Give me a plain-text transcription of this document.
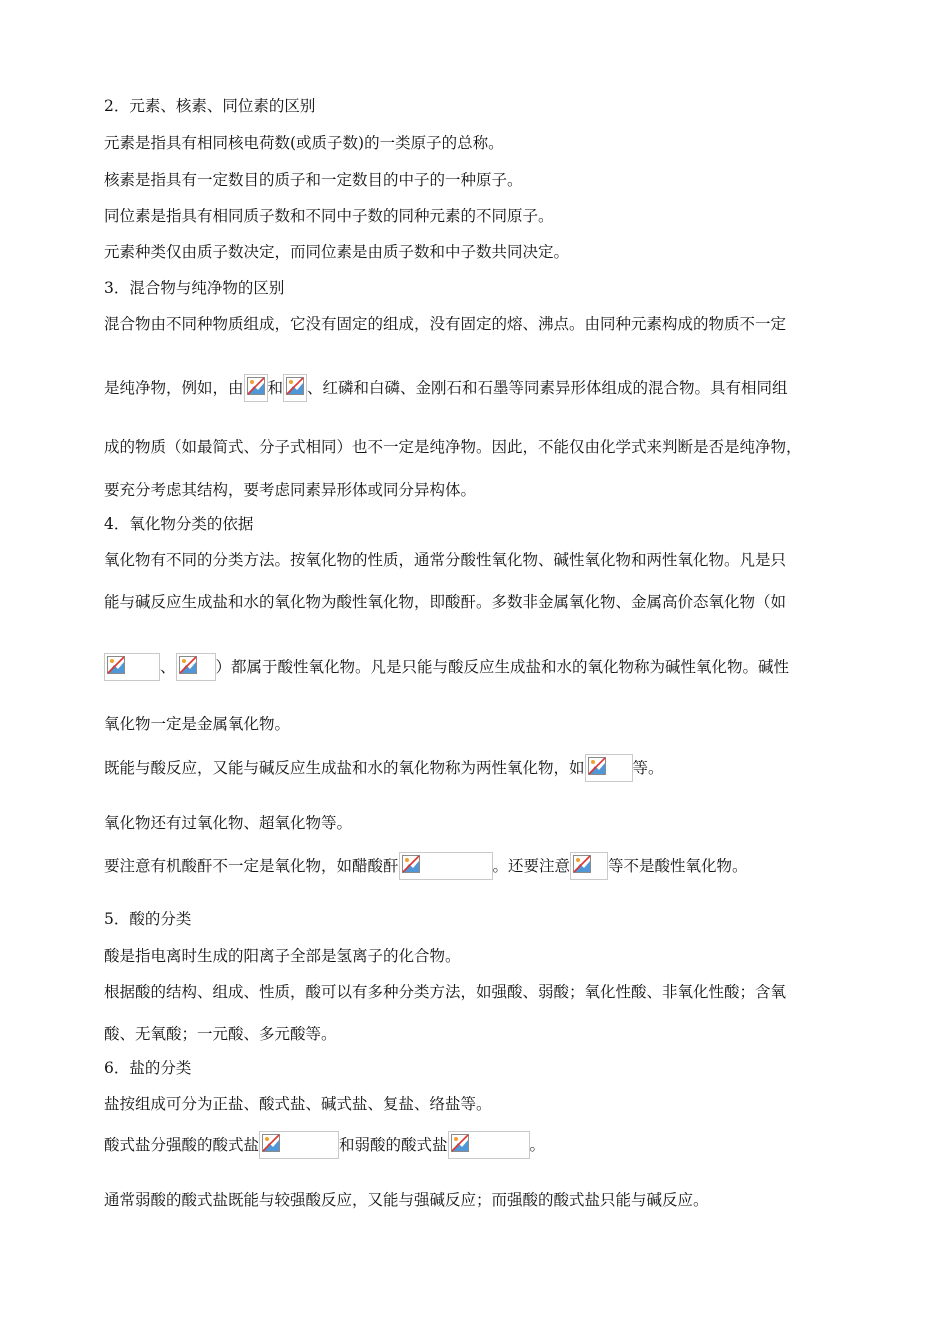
2．元素、核素、同位素的区别
元素是指具有相同核电荷数(或质子数)的一类原子的总称。
核素是指具有一定数目的质子和一定数目的中子的一种原子。
同位素是指具有相同质子数和不同中子数的同种元素的不同原子。
元素种类仅由质子数决定，而同位素是由质子数和中子数共同决定。
3．混合物与纯净物的区别
混合物由不同种物质组成，它没有固定的组成，没有固定的熔、沸点。由同种元素构成的物质不一定
是纯净物，例如，由 和 、红磷和白磷、金刚石和石墨等同素异形体组成的混合物。具有相同组
成的物质（如最简式、分子式相同）也不一定是纯净物。因此，不能仅由化学式来判断是否是纯净物，
要充分考虑其结构，要考虑同素异形体或同分异构体。
4．氧化物分类的依据
氧化物有不同的分类方法。按氧化物的性质，通常分酸性氧化物、碱性氧化物和两性氧化物。凡是只
能与碱反应生成盐和水的氧化物为酸性氧化物，即酸酐。多数非金属氧化物、金属高价态氧化物（如
、	）都属于酸性氧化物。凡是只能与酸反应生成盐和水的氧化物称为碱性氧化物。碱性
氧化物一定是金属氧化物。
既能与酸反应，又能与碱反应生成盐和水的氧化物称为两性氧化物，如	等。
氧化物还有过氧化物、超氧化物等。
要注意有机酸酐不一定是氧化物，如醋酸酐	。还要注意 等不是酸性氧化物。
5．酸的分类
酸是指电离时生成的阳离子全部是氢离子的化合物。
根据酸的结构、组成、性质，酸可以有多种分类方法，如强酸、弱酸；氧化性酸、非氧化性酸；含氧
酸、无氧酸；一元酸、多元酸等。
6．盐的分类
盐按组成可分为正盐、酸式盐、碱式盐、复盐、络盐等。
酸式盐分强酸的酸式盐	和弱酸的酸式盐	。
通常弱酸的酸式盐既能与较强酸反应，又能与强碱反应；而强酸的酸式盐只能与碱反应。
